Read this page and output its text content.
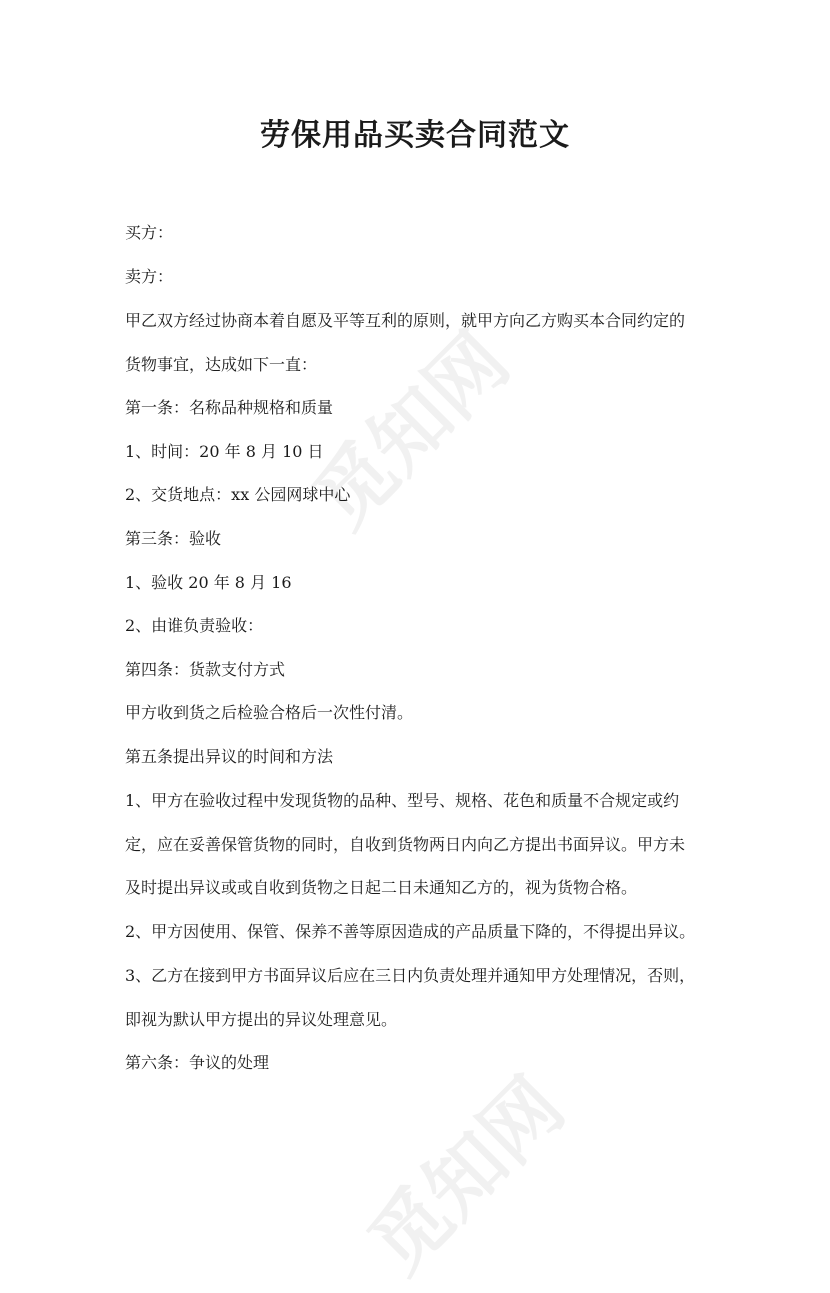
觅知网
觅知网
劳保用品买卖合同范文
买方：
卖方：
甲乙双方经过协商本着自愿及平等互利的原则，就甲方向乙方购买本合同约定的
货物事宜，达成如下一直：
第一条：名称品种规格和质量
1、时间：20 年 8 月 10 日
2、交货地点：xx 公园网球中心
第三条：验收
1、验收 20 年 8 月 16
2、由谁负责验收：
第四条：货款支付方式
甲方收到货之后检验合格后一次性付清。
第五条提出异议的时间和方法
1、甲方在验收过程中发现货物的品种、型号、规格、花色和质量不合规定或约
定，应在妥善保管货物的同时，自收到货物两日内向乙方提出书面异议。甲方未
及时提出异议或或自收到货物之日起二日未通知乙方的，视为货物合格。
2、甲方因使用、保管、保养不善等原因造成的产品质量下降的，不得提出异议。
3、乙方在接到甲方书面异议后应在三日内负责处理并通知甲方处理情况，否则，
即视为默认甲方提出的异议处理意见。
第六条：争议的处理
